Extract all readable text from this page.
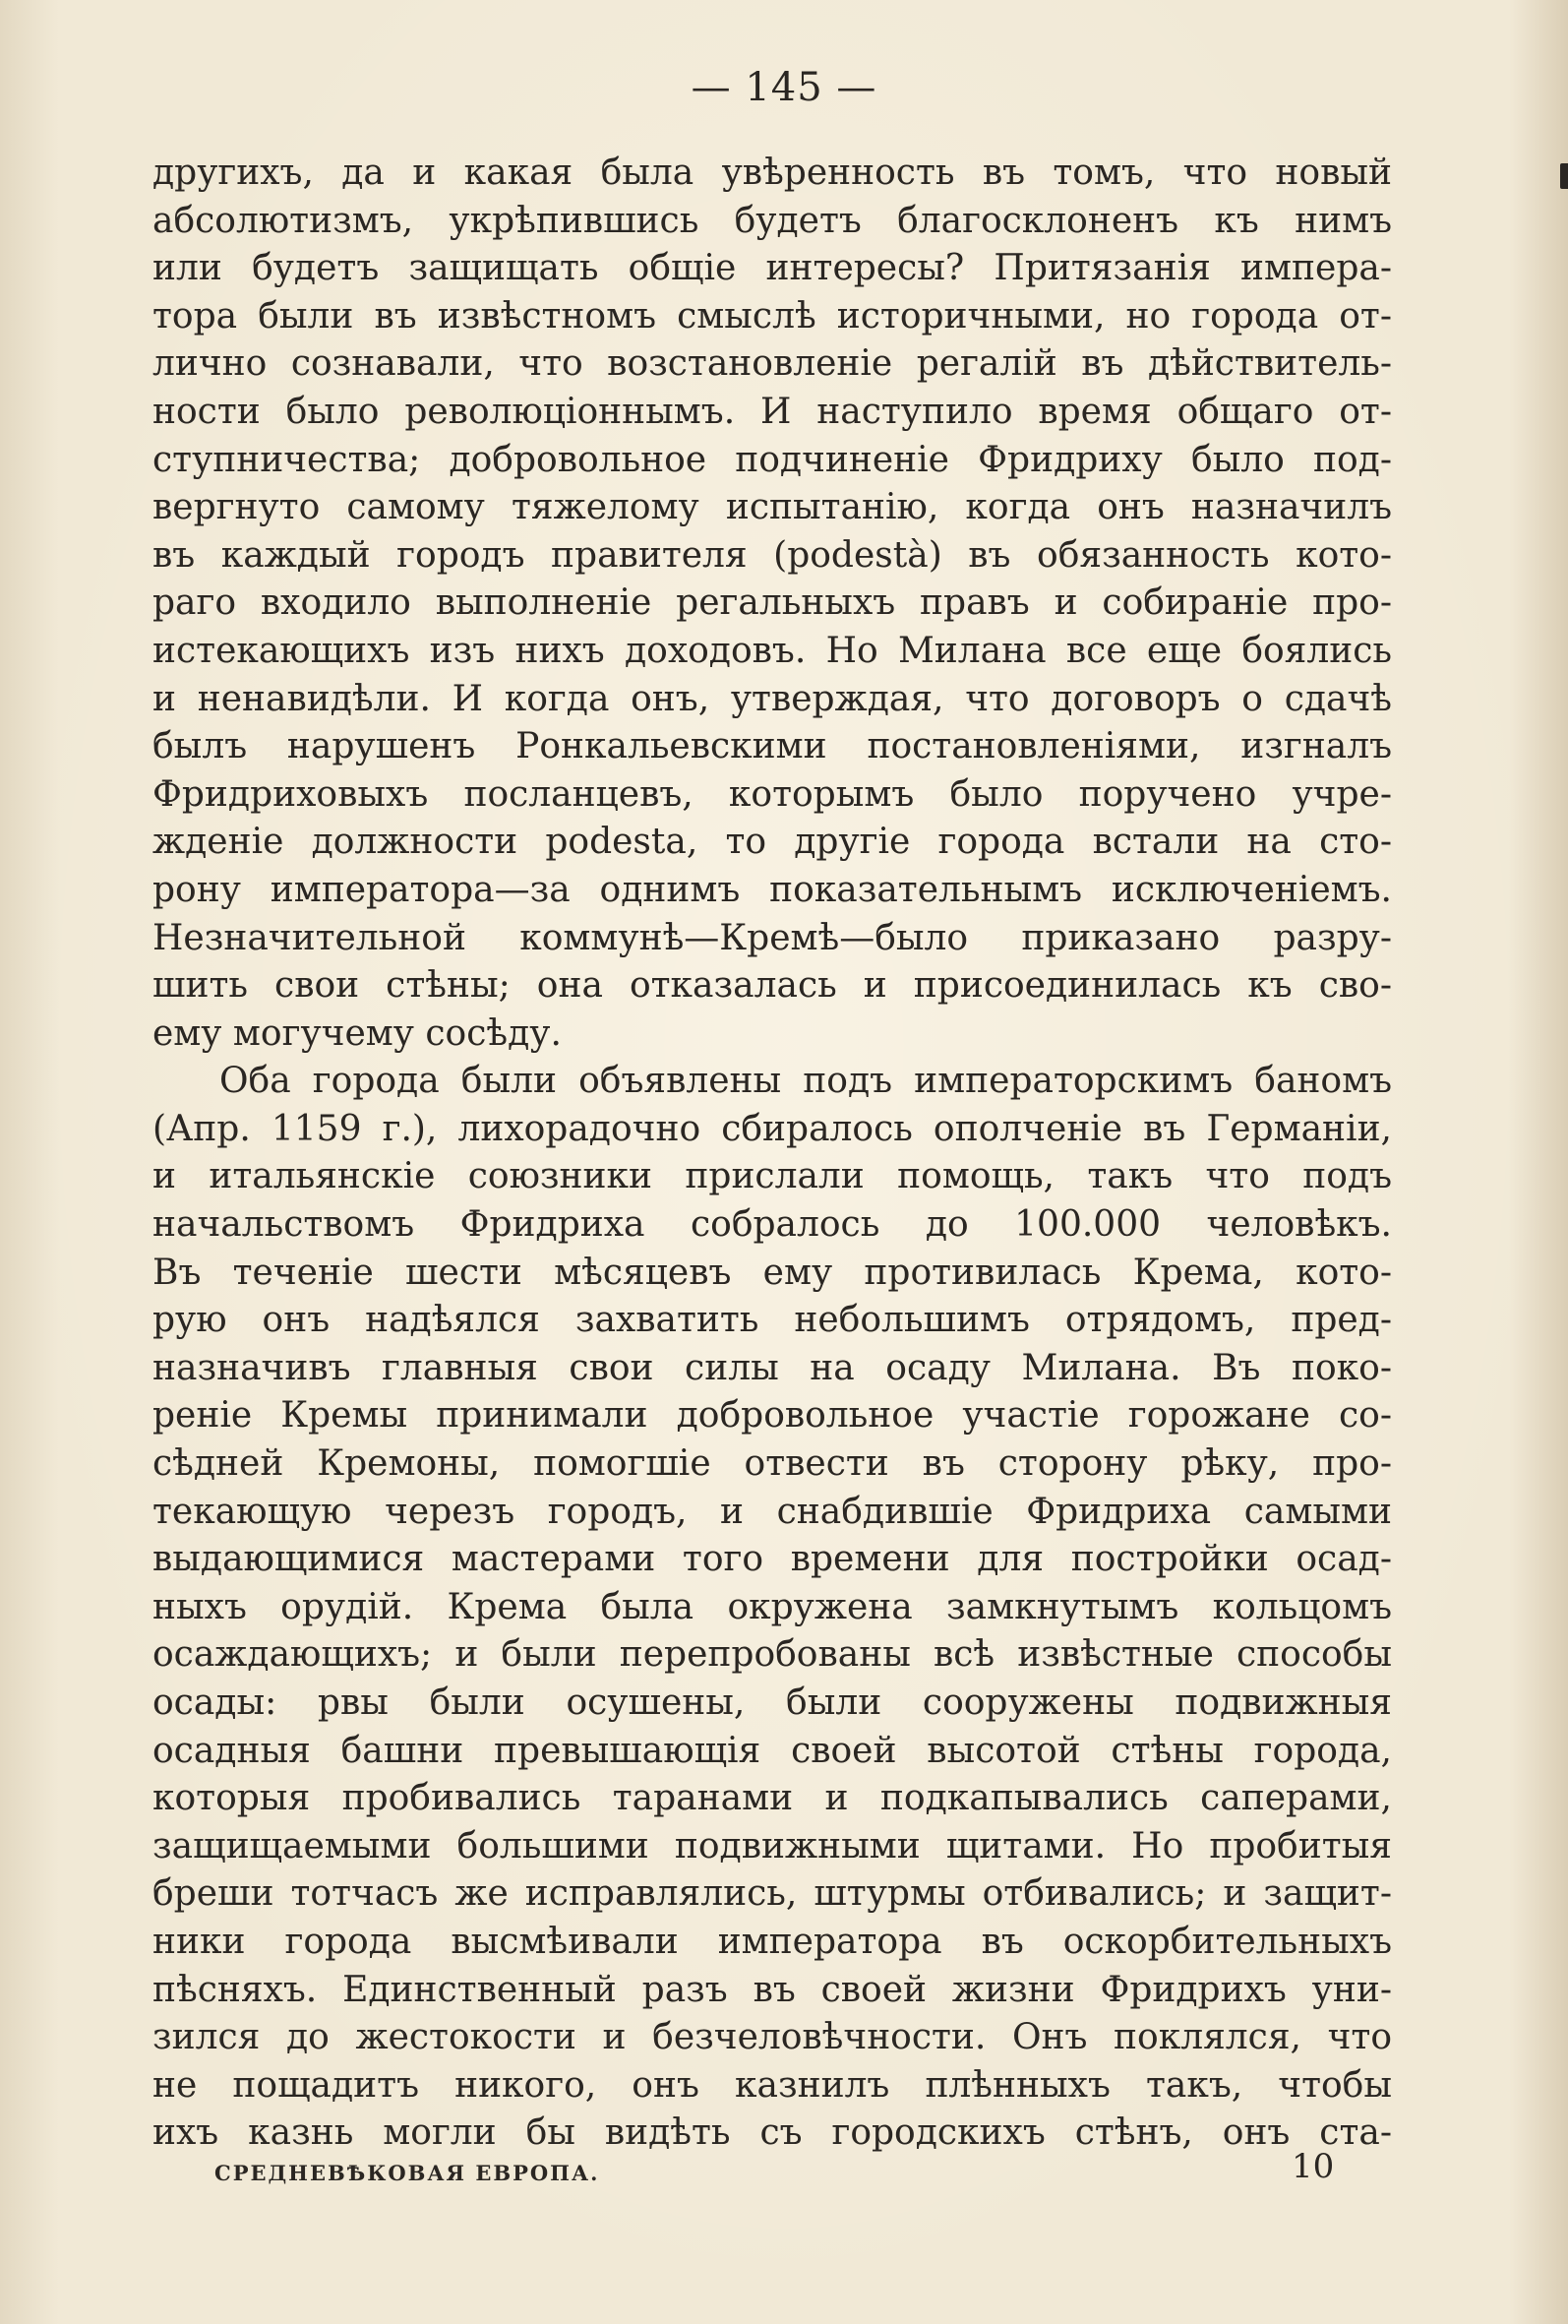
— 145 —
другихъ, да и какая была увѣренность въ томъ, что новый
абсолютизмъ, укрѣпившись будетъ благосклоненъ къ нимъ
или будетъ защищать общіе интересы? Притязанія импера-
тора были въ извѣстномъ смыслѣ историчными, но города от-
лично сознавали, что возстановленіе регалій въ дѣйствитель-
ности было революціоннымъ. И наступило время общаго от-
ступничества; добровольное подчиненіе Фридриху было под-
вергнуто самому тяжелому испытанію, когда онъ назначилъ
въ каждый городъ правителя (podestà) въ обязанность кото-
раго входило выполненіе регальныхъ правъ и собираніе про-
истекающихъ изъ нихъ доходовъ. Но Милана все еще боялись
и ненавидѣли. И когда онъ, утверждая, что договоръ о сдачѣ
былъ нарушенъ Ронкальевскими постановленіями, изгналъ
Фридриховыхъ посланцевъ, которымъ было поручено учре-
жденіе должности podesta, то другіе города встали на сто-
рону императора—за однимъ показательнымъ исключеніемъ.
Незначительной коммунѣ—Кремѣ—было приказано разру-
шить свои стѣны; она отказалась и присоединилась къ сво-
ему могучему сосѣду.
Оба города были объявлены подъ императорскимъ баномъ
(Апр. 1159 г.), лихорадочно сбиралось ополченіе въ Германіи,
и итальянскіе союзники прислали помощь, такъ что подъ
начальствомъ Фридриха собралось до 100.000 человѣкъ.
Въ теченіе шести мѣсяцевъ ему противилась Крема, кото-
рую онъ надѣялся захватить небольшимъ отрядомъ, пред-
назначивъ главныя свои силы на осаду Милана. Въ поко-
реніе Кремы принимали добровольное участіе горожане со-
сѣдней Кремоны, помогшіе отвести въ сторону рѣку, про-
текающую черезъ городъ, и снабдившіе Фридриха самыми
выдающимися мастерами того времени для постройки осад-
ныхъ орудій. Крема была окружена замкнутымъ кольцомъ
осаждающихъ; и были перепробованы всѣ извѣстные способы
осады: рвы были осушены, были сооружены подвижныя
осадныя башни превышающія своей высотой стѣны города,
которыя пробивались таранами и подкапывались саперами,
защищаемыми большими подвижными щитами. Но пробитыя
бреши тотчасъ же исправлялись, штурмы отбивались; и защит-
ники города высмѣивали императора въ оскорбительныхъ
пѣсняхъ. Единственный разъ въ своей жизни Фридрихъ уни-
зился до жестокости и безчеловѣчности. Онъ поклялся, что
не пощадитъ никого, онъ казнилъ плѣнныхъ такъ, чтобы
ихъ казнь могли бы видѣть съ городскихъ стѣнъ, онъ ста-
СРЕДНЕВѢКОВАЯ ЕВРОПА.	10
